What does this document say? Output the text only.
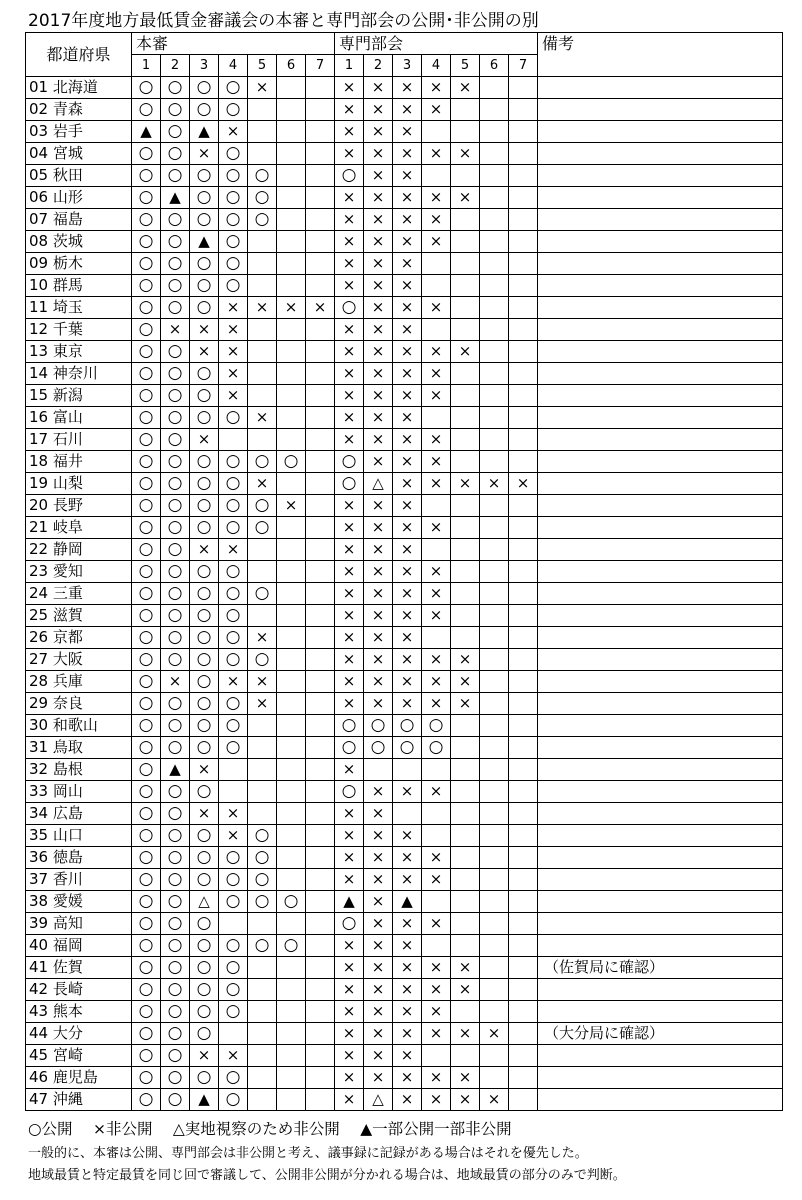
2017年度地方最低賃金審議会の本審と専門部会の公開･非公開の別
都道府県	本審							専門部会							備考
	1	2	3	4	5	6	7	1	2	3	4	5	6	7	
01 北海道	○	○	○	○	×			×	×	×	×	×			
02 青森	○	○	○	○				×	×	×	×				
03 岩手	▲	○	▲	×				×	×	×					
04 宮城	○	○	×	○				×	×	×	×	×			
05 秋田	○	○	○	○	○			○	×	×					
06 山形	○	▲	○	○	○			×	×	×	×	×			
07 福島	○	○	○	○	○			×	×	×	×				
08 茨城	○	○	▲	○				×	×	×	×				
09 栃木	○	○	○	○				×	×	×					
10 群馬	○	○	○	○				×	×	×					
11 埼玉	○	○	○	×	×	×	×	○	×	×	×				
12 千葉	○	×	×	×				×	×	×					
13 東京	○	○	×	×				×	×	×	×	×			
14 神奈川	○	○	○	×				×	×	×	×				
15 新潟	○	○	○	×				×	×	×	×				
16 富山	○	○	○	○	×			×	×	×					
17 石川	○	○	×					×	×	×	×				
18 福井	○	○	○	○	○	○		○	×	×	×				
19 山梨	○	○	○	○	×			○	△	×	×	×	×	×	
20 長野	○	○	○	○	○	×		×	×	×					
21 岐阜	○	○	○	○	○			×	×	×	×				
22 静岡	○	○	×	×				×	×	×					
23 愛知	○	○	○	○				×	×	×	×				
24 三重	○	○	○	○	○			×	×	×	×				
25 滋賀	○	○	○	○				×	×	×	×				
26 京都	○	○	○	○	×			×	×	×					
27 大阪	○	○	○	○	○			×	×	×	×	×			
28 兵庫	○	×	○	×	×			×	×	×	×	×			
29 奈良	○	○	○	○	×			×	×	×	×	×			
30 和歌山	○	○	○	○				○	○	○	○				
31 鳥取	○	○	○	○				○	○	○	○				
32 島根	○	▲	×					×							
33 岡山	○	○	○					○	×	×	×				
34 広島	○	○	×	×				×	×						
35 山口	○	○	○	×	○			×	×	×					
36 徳島	○	○	○	○	○			×	×	×	×				
37 香川	○	○	○	○	○			×	×	×	×				
38 愛媛	○	○	△	○	○	○		▲	×	▲					
39 高知	○	○	○					○	×	×	×				
40 福岡	○	○	○	○	○	○		×	×	×					
41 佐賀	○	○	○	○				×	×	×	×	×			（佐賀局に確認）
42 長崎	○	○	○	○				×	×	×	×	×			
43 熊本	○	○	○	○				×	×	×	×				
44 大分	○	○	○					×	×	×	×	×	×		（大分局に確認）
45 宮崎	○	○	×	×				×	×	×					
46 鹿児島	○	○	○	○				×	×	×	×	×			
47 沖縄	○	○	▲	○				×	△	×	×	×	×		
○公開　 ×非公開　 △実地視察のため非公開　 ▲一部公開一部非公開
一般的に、本審は公開、専門部会は非公開と考え、議事録に記録がある場合はそれを優先した。
地域最賃と特定最賃を同じ回で審議して、公開非公開が分かれる場合は、地域最賃の部分のみで判断。
